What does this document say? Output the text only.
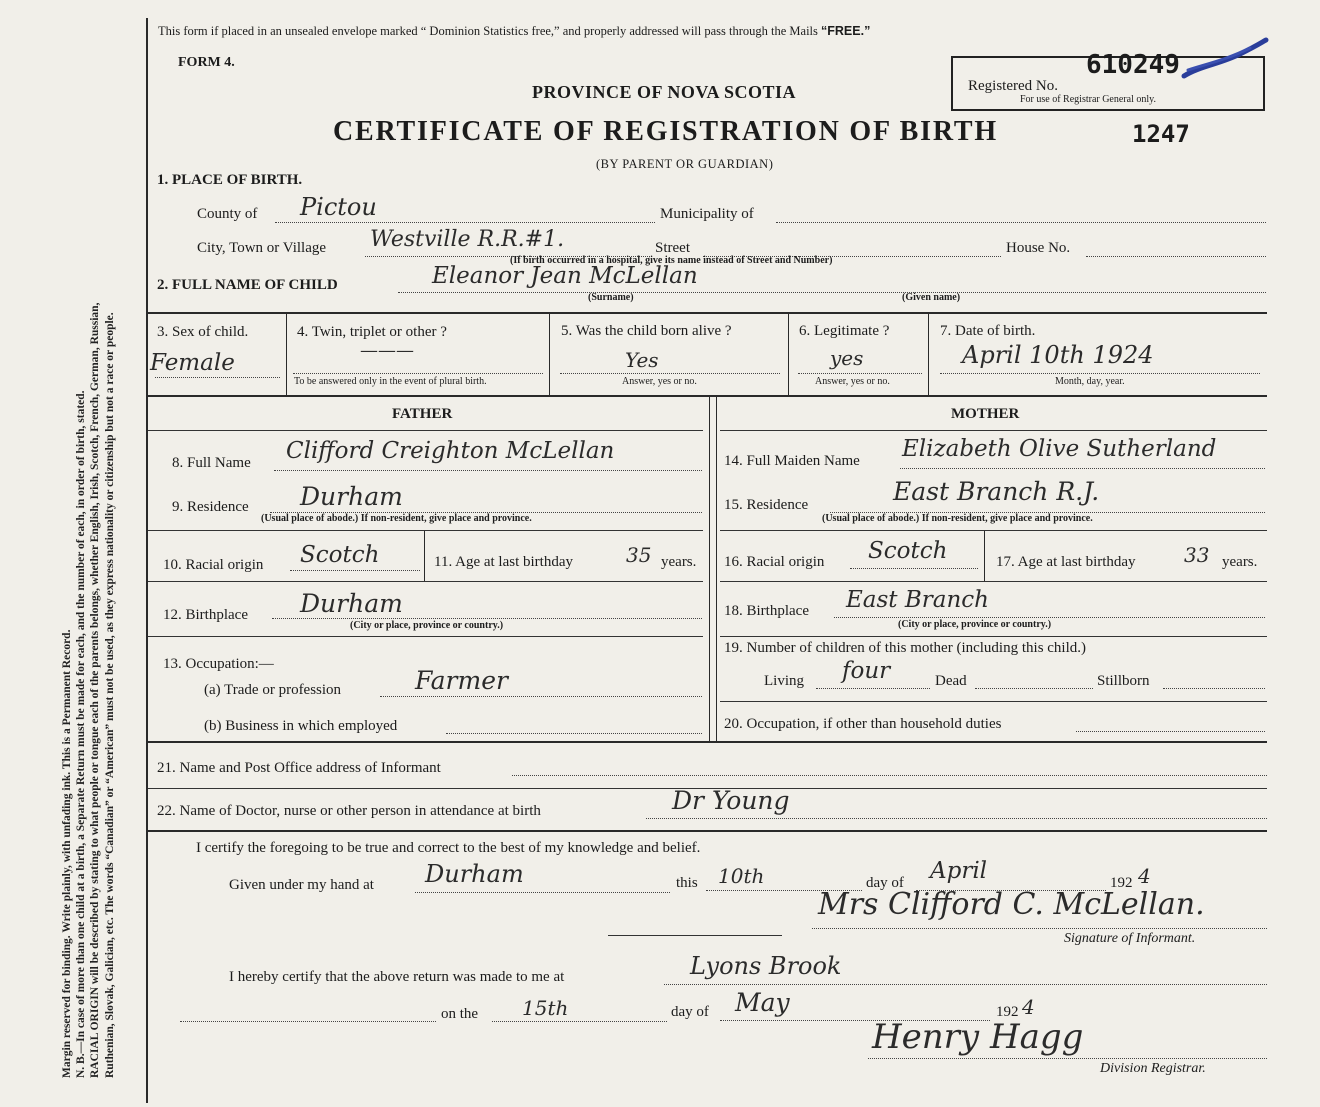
Margin reserved for binding. Write plainly, with unfading ink. This is a Permanent Record. N. B.—In case of more than one child at a birth, a Separate Return must be made for each, and the number of each, in order of birth, stated. RACIAL ORIGIN will be described by stating to what people or tongue each of the parents belongs, whether English, Irish, Scotch, French, German, Russian, Ruthenian, Slovak, Galician, etc. The words “Canadian” or “American” must not be used, as they express nationality or citizenship but not a race or people.
This form if placed in an unsealed envelope marked “ Dominion Statistics free,” and properly addressed will pass through the Mails “FREE.”
FORM 4.
PROVINCE OF NOVA SCOTIA
CERTIFICATE OF REGISTRATION OF BIRTH
(BY PARENT OR GUARDIAN)
Registered No.
610249
For use of Registrar General only.
1247
1. PLACE OF BIRTH.
County of Pictou	Municipality of
City, Town or Village Westville R.R.#1.	Street	House No.
(If birth occurred in a hospital, give its name instead of Street and Number)
2. FULL NAME OF CHILD	Eleanor Jean McLellan
(Surname)	(Given name)
3. Sex of child.
Female
4. Twin, triplet or other ?
———
To be answered only in the event of plural birth.
5. Was the child born alive ?
Yes
Answer, yes or no.
6. Legitimate ?
yes
Answer, yes or no.
7. Date of birth.
April 10th 1924
Month, day, year.
FATHER	MOTHER
8. Full Name Clifford Creighton McLellan
9. Residence Durham
(Usual place of abode.) If non-resident, give place and province.
10. Racial origin Scotch	11. Age at last birthday	35 years.
12. Birthplace Durham
(City or place, province or country.)
13. Occupation:—
(a) Trade or profession	Farmer
(b) Business in which employed
14. Full Maiden Name Elizabeth Olive Sutherland
15. Residence	East Branch R.J.
(Usual place of abode.) If non-resident, give place and province.
16. Racial origin Scotch	17. Age at last birthday 33 years.
18. Birthplace East Branch
(City or place, province or country.)
19. Number of children of this mother (including this child.)
Living four	Dead	Stillborn
20. Occupation, if other than household duties
21. Name and Post Office address of Informant
22. Name of Doctor, nurse or other person in attendance at birth	Dr Young
I certify the foregoing to be true and correct to the best of my knowledge and belief.
Given under my hand at Durham	this 10th	day of April	192 4
Mrs Clifford C. McLellan.
Signature of Informant.
I hereby certify that the above return was made to me at	Lyons Brook
on the 15th	day of May	192 4
Henry Hagg
Division Registrar.
